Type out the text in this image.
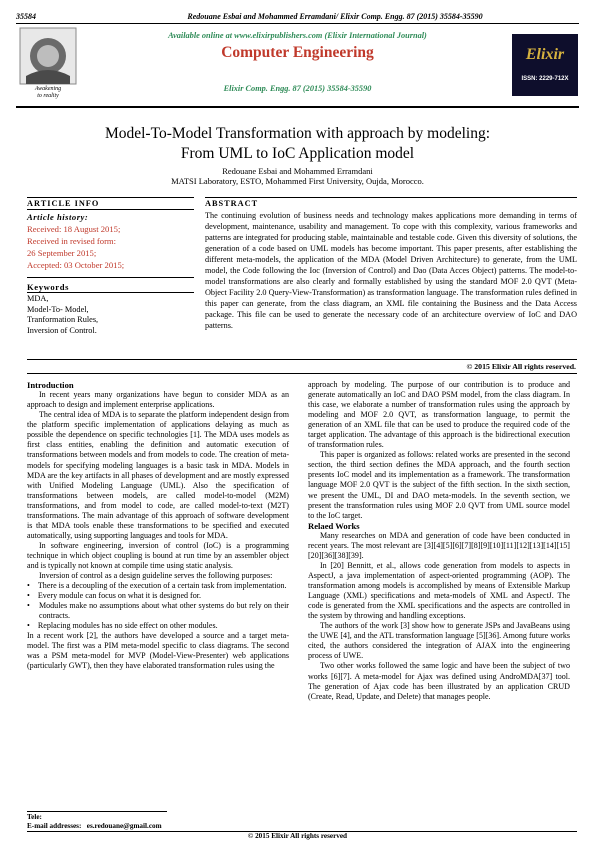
35584	Redouane Esbai and Mohammed Erramdani/ Elixir Comp. Engg. 87 (2015) 35584-35590
Awakening
to reality
Available online at www.elixirpublishers.com (Elixir International Journal)
Computer Engineering
Elixir Comp. Engg. 87 (2015) 35584-35590
Elixir
ISSN: 2229-712X
Model-To-Model Transformation with approach by modeling:
From UML to IoC Application model
Redouane Esbai and Mohammed Erramdani
MATSI Laboratory, ESTO, Mohammed First University, Oujda, Morocco.
ARTICLE INFO
Article history:
Received: 18 August 2015;
Received in revised form:
26 September 2015;
Accepted: 03 October 2015;
Keywords
MDA,
Model-To- Model,
Tranformation Rules,
Inversion of Control.
ABSTRACT
The continuing evolution of business needs and technology makes applications more demanding in terms of development, maintenance, usability and management. To cope with this complexity, various frameworks and patterns are integrated for producing stable, maintainable and testable code. Given this diversity of solutions, the generation of a code based on UML models has become important. This paper presents, after establishing the different meta-models, the application of the MDA (Model Driven Architecture) to generate, from the UML model, the Code following the Ioc (Inversion of Control) and Dao (Data Acces Object) patterns. The model-to-model transformations are also clearly and formally established by using the standard MOF 2.0 QVT (Meta-Object Facility 2.0 Query-View-Transformation) as transformation language. The transformation rules defined in this paper can generate, from the class diagram, an XML file containing the Business and the Data Access package. This file can be used to generate the necessary code of an architecture overview of IoC and DAO patterns.
© 2015 Elixir All rights reserved.
Introduction

In recent years many organizations have begun to consider MDA as an approach to design and implement enterprise applications.

The central idea of MDA is to separate the platform independent design from the platform specific implementation of applications delaying as much as possible the dependence on specific technologies [1]. The MDA uses models as first class entities, enabling the definition and automatic execution of transformations between models and from models to code. The creation of meta-models for specifying modeling languages is a basic task in MDA. Models in MDA are the key artifacts in all phases of development and are mostly expressed with Unified Modeling Language (UML). Also the specification of transformations between models, are called model-to-model (M2M) transformations, and from model to code, are called model-to-text (M2T) transformations. The main advantage of this approach of software development is that MDA tools enable these transformations to be specified and executed automatically, using supporting languages and tools for MDA.

In software engineering, inversion of control (IoC) is a programming technique in which object coupling is bound at run time by an assembler object and is typically not known at compile time using static analysis.

Inversion of control as a design guideline serves the following purposes:

• There is a decoupling of the execution of a certain task from implementation.
• Every module can focus on what it is designed for.
• Modules make no assumptions about what other systems do but rely on their contracts.
• Replacing modules has no side effect on other modules.

In a recent work [2], the authors have developed a source and a target meta-model. The first was a PIM meta-model specific to class diagrams. The second was a PSM meta-model for MVP (Model-View-Presenter) web applications (particularly GWT), then they have elaborated transformation rules using the

approach by modeling. The purpose of our contribution is to produce and generate automatically an IoC and DAO PSM model, from the class diagram. In this case, we elaborate a number of transformation rules using the approach by modeling and MOF 2.0 QVT, as transformation language, to permit the generation of an XML file that can be used to produce the required code of the target application. The advantage of this approach is the bidirectional execution of transformation rules.

This paper is organized as follows: related works are presented in the second section, the third section defines the MDA approach, and the fourth section presents IoC model and its implementation as a framework. The transformation language MOF 2.0 QVT is the subject of the fifth section. In the sixth section, we present the UML, DI and DAO meta-models. In the seventh section, we present the transformation rules using MOF 2.0 QVT from UML source model to the IoC target.

Relaed Works

Many researches on MDA and generation of code have been conducted in recent years. The most relevant are [3][4][5][6][7][8][9][10][11][12][13][14][15][20][36][38][39].

In [20] Bennitt, et al., allows code generation from models to aspects in AspectJ, a java implementation of aspect-oriented programming (AOP). The transformation among models is accomplished by means of Extensible Markup Language (XML) specifications and meta-models of XML and AspectJ. The code is generated from the XML specifications and the aspects are controlled in the system by throwing and handling exceptions.

The authors of the work [3] show how to generate JSPs and JavaBeans using the UWE [4], and the ATL transformation language [5][36]. Among future works cited, the authors considered the integration of AJAX into the engineering process of UWE.

Two other works followed the same logic and have been the subject of two works [6][7]. A meta-model for Ajax was defined using AndroMDA[37] tool. The generation of Ajax code has been illustrated by an application CRUD (Create, Read, Update, and Delete) that manages people.

Tele:
E-mail addresses: es.redouane@gmail.com
© 2015 Elixir All rights reserved
